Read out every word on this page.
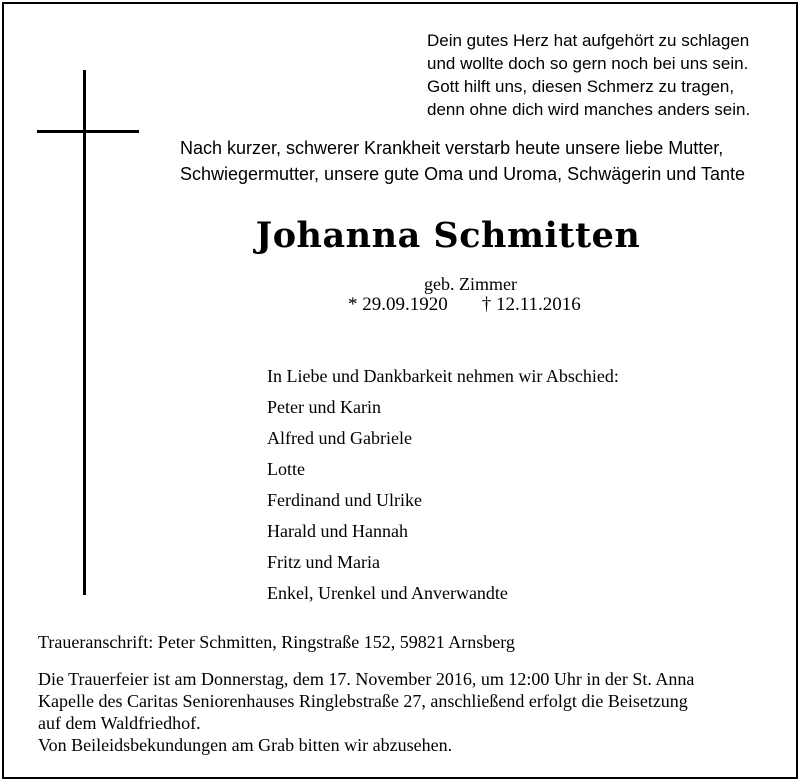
Dein gutes Herz hat aufgehört zu schlagen
und wollte doch so gern noch bei uns sein.
Gott hilft uns, diesen Schmerz zu tragen,
denn ohne dich wird manches anders sein.
Nach kurzer, schwerer Krankheit verstarb heute unsere liebe Mutter,
Schwiegermutter, unsere gute Oma und Uroma, Schwägerin und Tante
Johanna Schmitten
geb. Zimmer
* 29.09.1920 † 12.11.2016
In Liebe und Dankbarkeit nehmen wir Abschied:
Peter und Karin
Alfred und Gabriele
Lotte
Ferdinand und Ulrike
Harald und Hannah
Fritz und Maria
Enkel, Urenkel und Anverwandte
Traueranschrift: Peter Schmitten, Ringstraße 152, 59821 Arnsberg
Die Trauerfeier ist am Donnerstag, dem 17. November 2016, um 12:00 Uhr in der St. Anna
Kapelle des Caritas Seniorenhauses Ringlebstraße 27, anschließend erfolgt die Beisetzung
auf dem Waldfriedhof.
Von Beileidsbekundungen am Grab bitten wir abzusehen.
